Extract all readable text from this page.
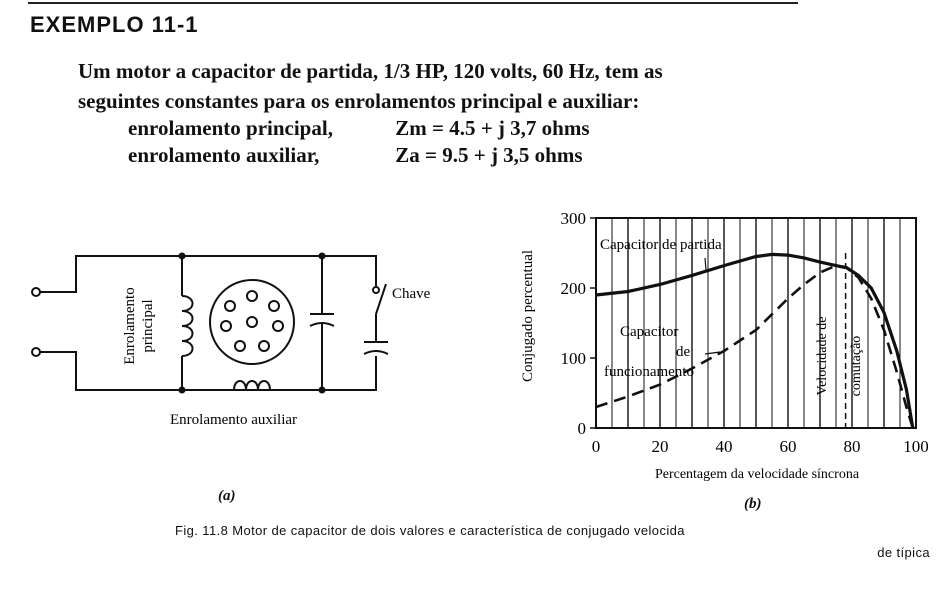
EXEMPLO 11-1
Um motor a capacitor de partida, 1/3 HP, 120 volts, 60 Hz, tem as
seguintes constantes para os enrolamentos principal e auxiliar:
enrolamento principal,	Zm = 4.5 + j 3,7 ohms
enrolamento auxiliar,	Za = 9.5 + j 3,5 ohms
Enrolamento principal
Chave
Enrolamento auxiliar
0	20	40	60	80	100
0
100
200
300
Conjugado percentual
Percentagem da velocidade síncrona
Capacitor de partida
Capacitor
de
funcionamento	Velocidade de comutação
(a)	(b)
Fig. 11.8 Motor de capacitor de dois valores e característica de conjugado velocida
de típica
